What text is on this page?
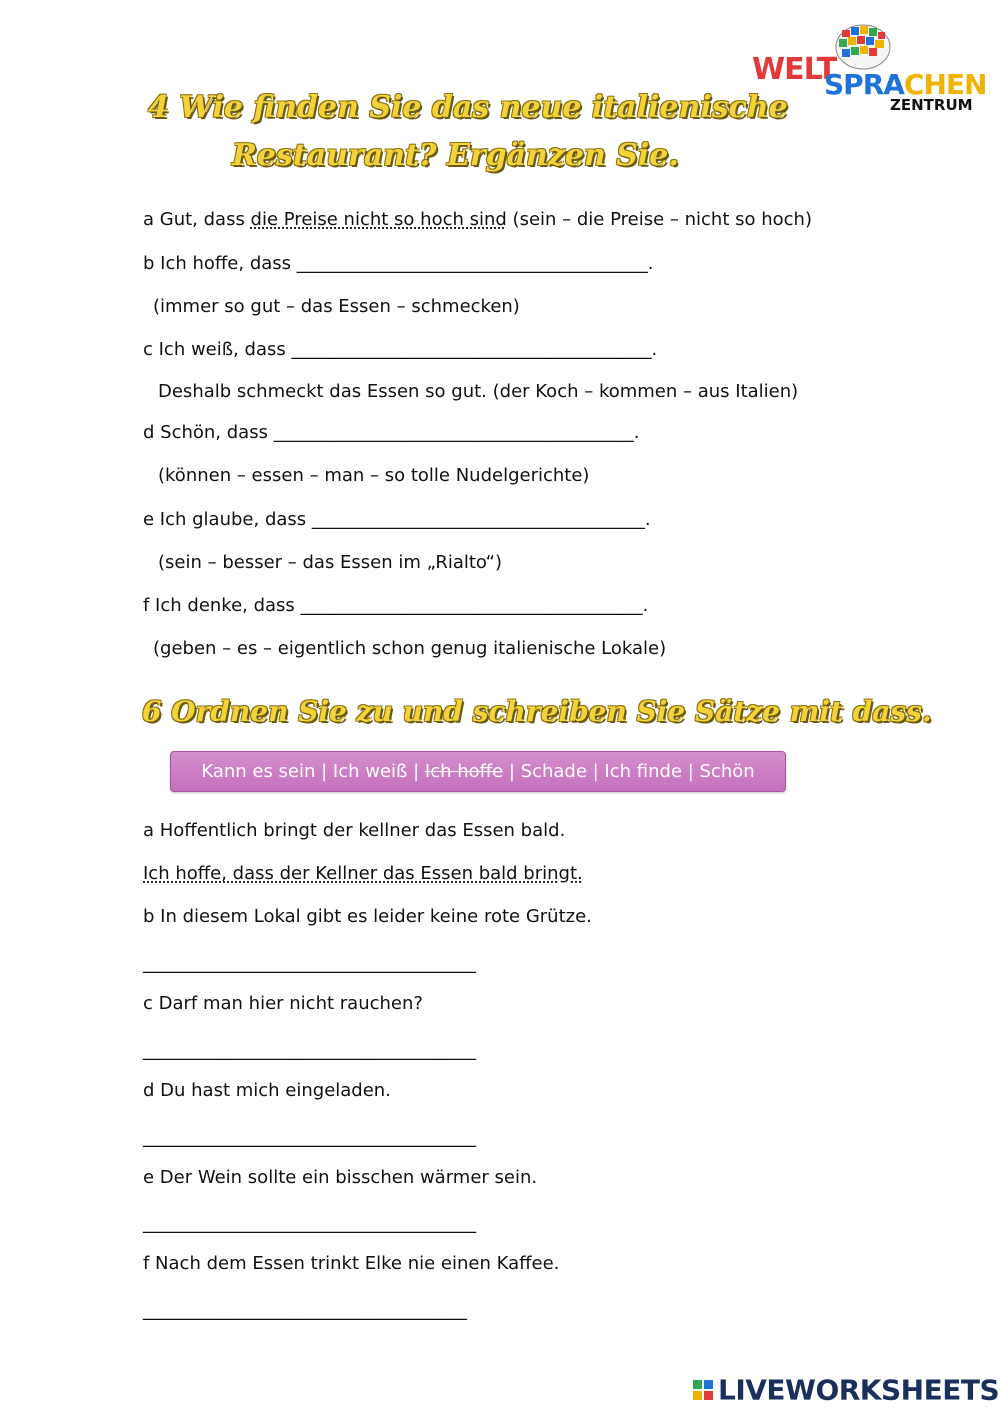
WELT
SPRACHEN
ZENTRUM
4 Wie finden Sie das neue italienische
Restaurant? Ergänzen Sie.
a Gut, dass die Preise nicht so hoch sind (sein – die Preise – nicht so hoch)
b Ich hoffe, dass _______________________________________.
(immer so gut – das Essen – schmecken)
c Ich weiß, dass ________________________________________.
Deshalb schmeckt das Essen so gut. (der Koch – kommen – aus Italien)
d Schön, dass ________________________________________.
(können – essen – man – so tolle Nudelgerichte)
e Ich glaube, dass _____________________________________.
(sein – besser – das Essen im „Rialto“)
f Ich denke, dass ______________________________________.
(geben – es – eigentlich schon genug italienische Lokale)
6 Ordnen Sie zu und schreiben Sie Sätze mit dass.
Kann es sein | Ich weiß | Ich hoffe | Schade | Ich finde | Schön
a Hoffentlich bringt der kellner das Essen bald.
Ich hoffe, dass der Kellner das Essen bald bringt.
b In diesem Lokal gibt es leider keine rote Grütze.
_____________________________________
c Darf man hier nicht rauchen?
_____________________________________
d Du hast mich eingeladen.
_____________________________________
e Der Wein sollte ein bisschen wärmer sein.
_____________________________________
f Nach dem Essen trinkt Elke nie einen Kaffee.
____________________________________

LIVEWORKSHEETS
